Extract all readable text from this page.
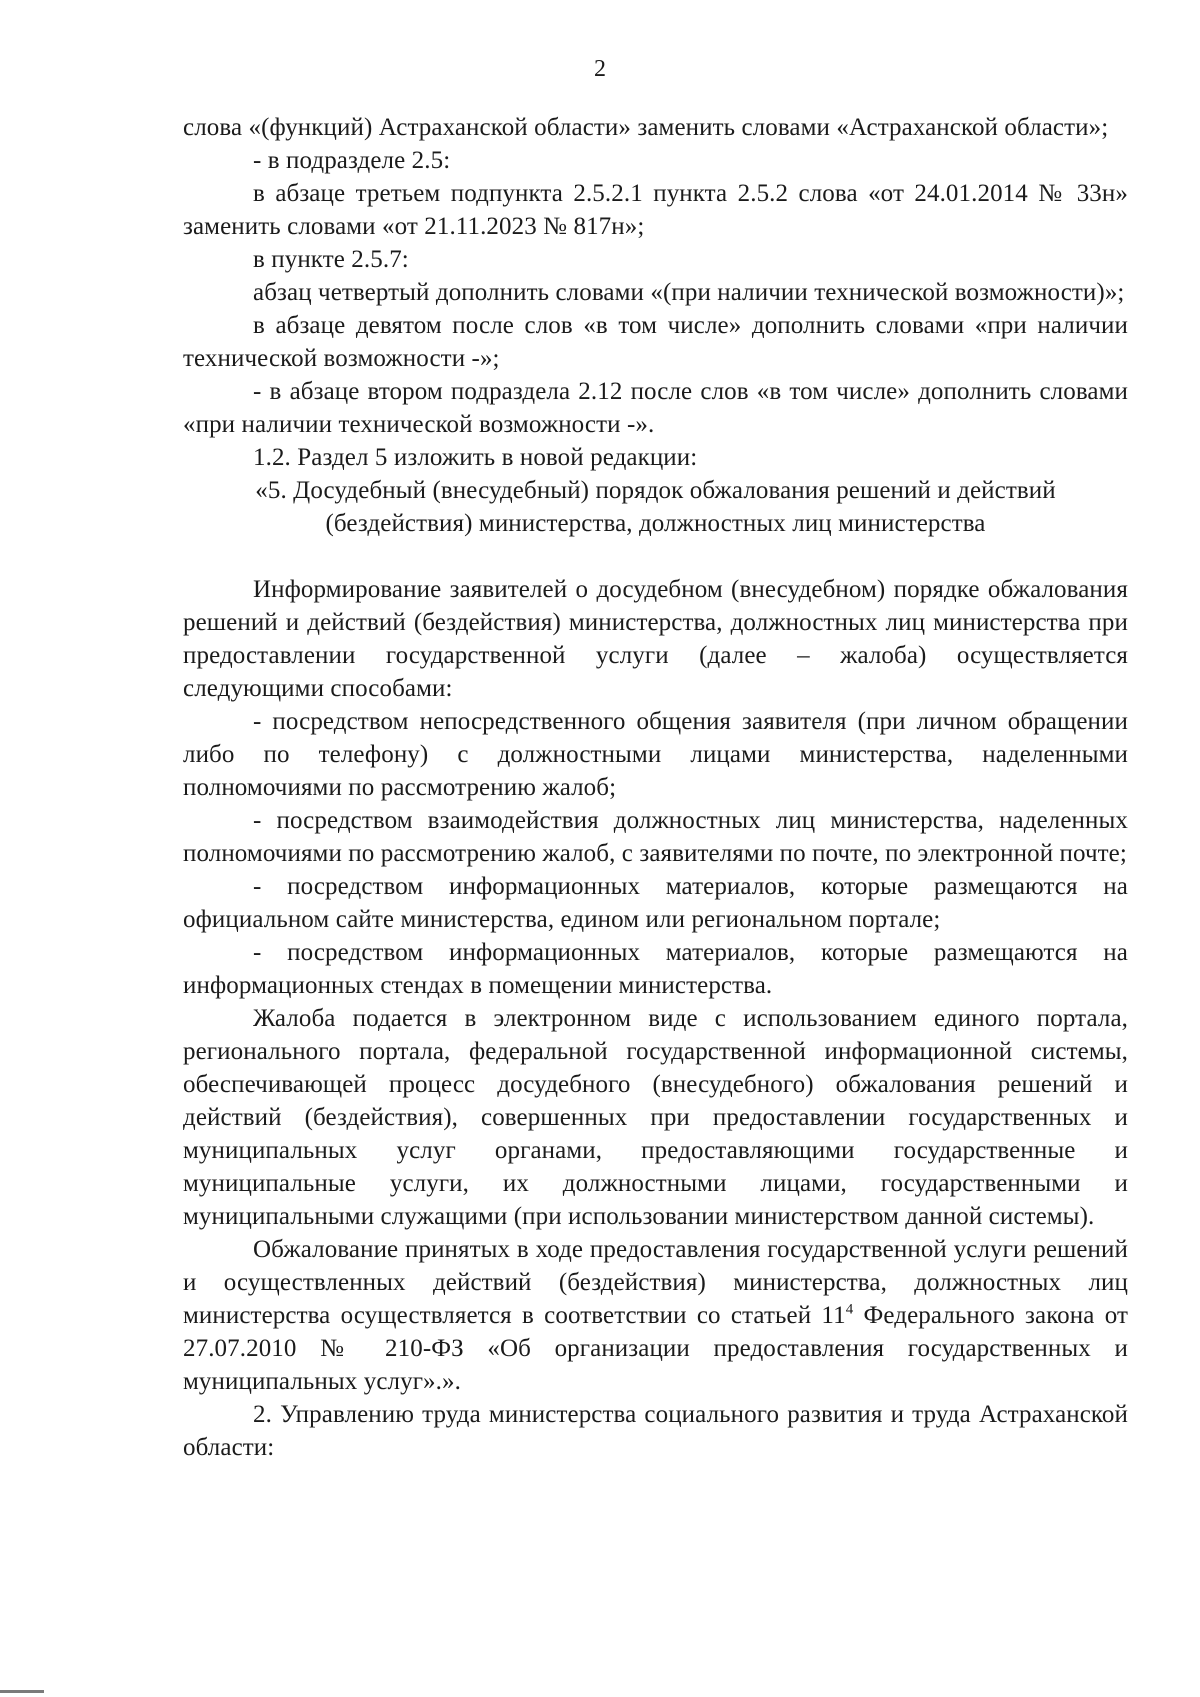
2

слова «(функций) Астраханской области» заменить словами «Астраханской области»;

- в подразделе 2.5:

в абзаце третьем подпункта 2.5.2.1 пункта 2.5.2 слова «от 24.01.2014 № 33н» заменить словами «от 21.11.2023 № 817н»;

в пункте 2.5.7:

абзац четвертый дополнить словами «(при наличии технической возможности)»;

в абзаце девятом после слов «в том числе» дополнить словами «при наличии технической возможности -»;

- в абзаце втором подраздела 2.12 после слов «в том числе» дополнить словами «при наличии технической возможности -».

1.2. Раздел 5 изложить в новой редакции:

«5. Досудебный (внесудебный) порядок обжалования решений и действий (бездействия) министерства, должностных лиц министерства

Информирование заявителей о досудебном (внесудебном) порядке обжалования решений и действий (бездействия) министерства, должностных лиц министерства при предоставлении государственной услуги (далее – жалоба) осуществляется следующими способами:

- посредством непосредственного общения заявителя (при личном обращении либо по телефону) с должностными лицами министерства, наделенными полномочиями по рассмотрению жалоб;

- посредством взаимодействия должностных лиц министерства, наделенных полномочиями по рассмотрению жалоб, с заявителями по почте, по электронной почте;

- посредством информационных материалов, которые размещаются на официальном сайте министерства, едином или региональном портале;

- посредством информационных материалов, которые размещаются на информационных стендах в помещении министерства.

Жалоба подается в электронном виде с использованием единого портала, регионального портала, федеральной государственной информационной системы, обеспечивающей процесс досудебного (внесудебного) обжалования решений и действий (бездействия), совершенных при предоставлении государственных и муниципальных услуг органами, предоставляющими государственные и муниципальные услуги, их должностными лицами, государственными и муниципальными служащими (при использовании министерством данной системы).

Обжалование принятых в ходе предоставления государственной услуги решений и осуществленных действий (бездействия) министерства, должностных лиц министерства осуществляется в соответствии со статьей $11^4$ Федерального закона от 27.07.2010 № 210-ФЗ «Об организации предоставления государственных и муниципальных услуг».».

2. Управлению труда министерства социального развития и труда Астраханской области:
